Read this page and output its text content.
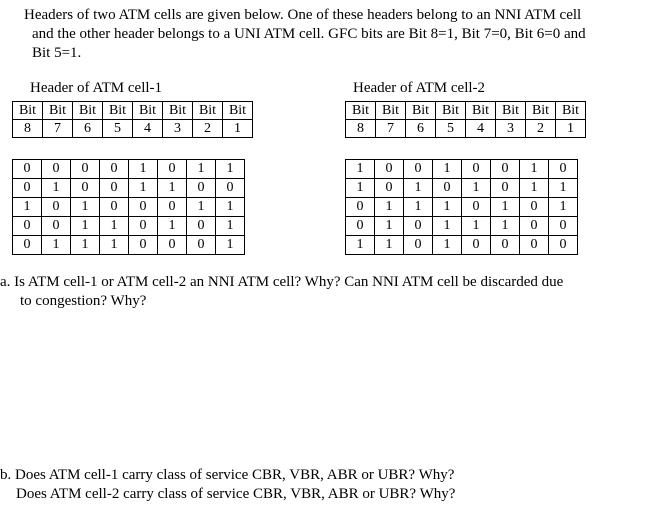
Headers of two ATM cells are given below. One of these headers belong to an NNI ATM cell
and the other header belongs to a UNI ATM cell. GFC bits are Bit 8=1, Bit 7=0, Bit 6=0 and
Bit 5=1.
Header of ATM cell-1	Header of ATM cell-2
Bit	Bit	Bit	Bit	Bit	Bit	Bit	Bit
8	7	6	5	4	3	2	1
Bit	Bit	Bit	Bit	Bit	Bit	Bit	Bit
8	7	6	5	4	3	2	1
0	0	0	0	1	0	1	1
0	1	0	0	1	1	0	0
1	0	1	0	0	0	1	1
0	0	1	1	0	1	0	1
0	1	1	1	0	0	0	1
1	0	0	1	0	0	1	0
1	0	1	0	1	0	1	1
0	1	1	1	0	1	0	1
0	1	0	1	1	1	0	0
1	1	0	1	0	0	0	0
a. Is ATM cell-1 or ATM cell-2 an NNI ATM cell? Why? Can NNI ATM cell be discarded due
to congestion? Why?
b. Does ATM cell-1 carry class of service CBR, VBR, ABR or UBR? Why?
Does ATM cell-2 carry class of service CBR, VBR, ABR or UBR? Why?
